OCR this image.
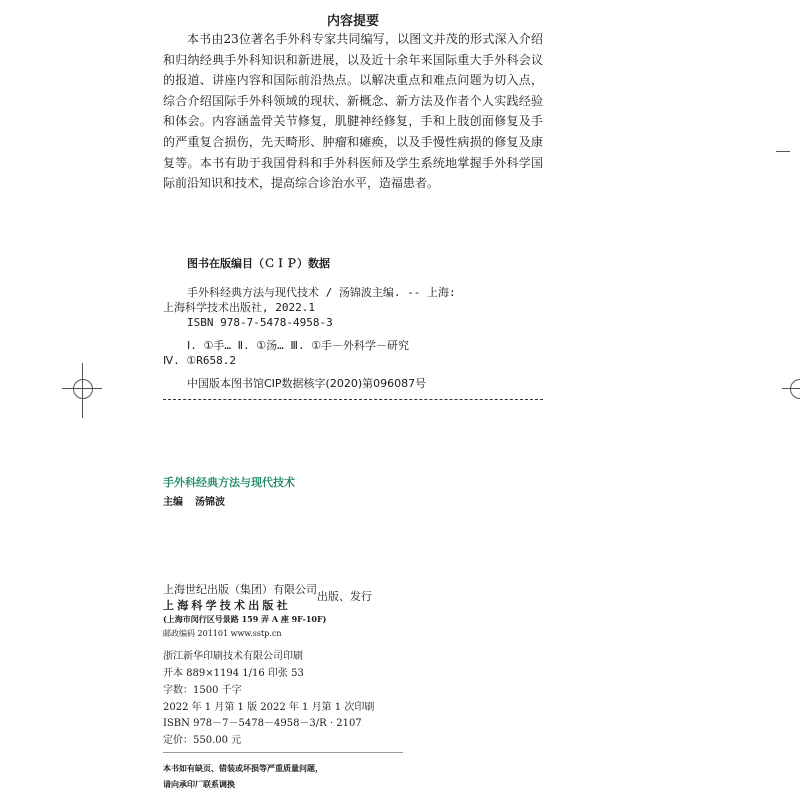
内容提要

本书由23位著名手外科专家共同编写，以图文并茂的形式深入介绍和归纳经典手外科知识和新进展，以及近十余年来国际重大手外科会议的报道、讲座内容和国际前沿热点。以解决重点和难点问题为切入点，综合介绍国际手外科领域的现状、新概念、新方法及作者个人实践经验和体会。内容涵盖骨关节修复，肌腱神经修复，手和上肢创面修复及手的严重复合损伤，先天畸形、肿瘤和瘫痪，以及手慢性病损的修复及康复等。本书有助于我国骨科和手外科医师及学生系统地掌握手外科学国际前沿知识和技术，提高综合诊治水平，造福患者。

图书在版编目（ＣＩＰ）数据
手外科经典方法与现代技术 / 汤锦波主编. -- 上海:
上海科学技术出版社, 2022.1
ISBN 978-7-5478-4958-3
Ⅰ. ①手… Ⅱ. ①汤… Ⅲ. ①手－外科学－研究
Ⅳ. ①R658.2
中国版本图书馆CIP数据核字(2020)第096087号
手外科经典方法与现代技术
主编 汤锦波
上海世纪出版（集团）有限公司
上海科学技术出版社
出版、发行
(上海市闵行区号景路 159 弄 A 座 9F-10F)
邮政编码 201101 www.sstp.cn
浙江新华印刷技术有限公司印刷
开本 889×1194 1/16 印张 53
字数：1500 千字
2022 年 1 月第 1 版 2022 年 1 月第 1 次印刷
ISBN 978－7－5478－4958－3/R · 2107
定价：550.00 元
本书如有缺页、错装或坏损等严重质量问题，
请向承印厂联系调换
